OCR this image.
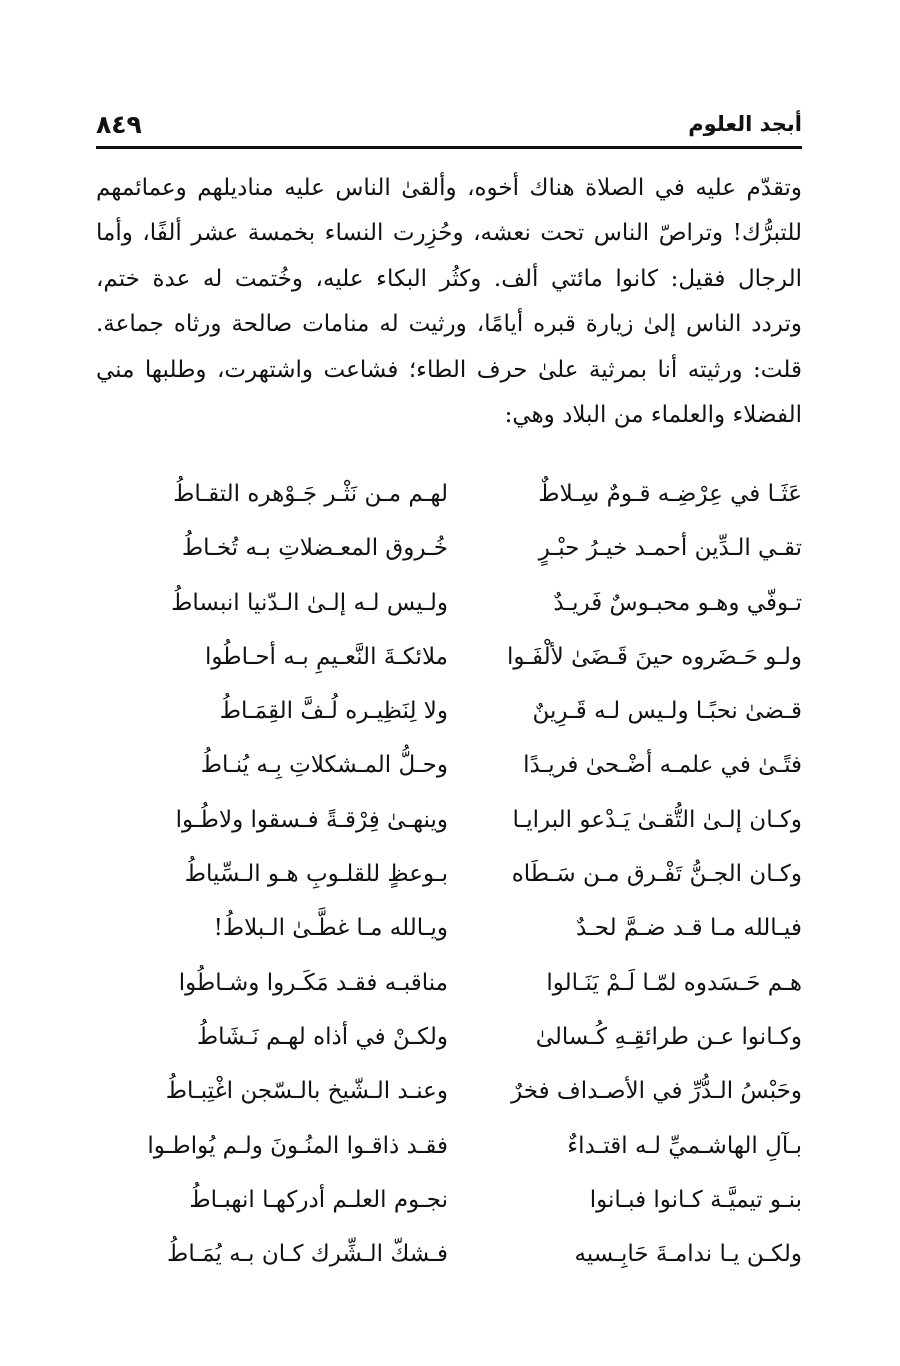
أبجد العلوم
٨٤٩

وتقدّم عليه في الصلاة هناك أخوه، وألقىٰ الناس عليه مناديلهم وعمائمهم
للتبرُّك! وتراصّ الناس تحت نعشه، وحُزِرت النساء بخمسة عشر ألفًا، وأما
الرجال فقيل: كانوا مائتي ألف. وكثُر البكاء عليه، وخُتمت له عدة ختم،
وتردد الناس إلىٰ زيارة قبره أيامًا، ورثيت له منامات صالحة ورثاه جماعة.
قلت: ورثيته أنا بمرثية علىٰ حرف الطاء؛ فشاعت واشتهرت، وطلبها مني
الفضلاء والعلماء من البلاد وهي:

عَثَـا في عِرْضِـه قـومٌ سِـلاطٌ
لهـم مـن نَثْـر جَـوْهره التقـاطُ
تقـي الـدِّين أحمـد خيـرُ حبْـرٍ
خُـروق المعـضلاتِ بـه تُخـاطُ
تـوفّي وهـو محبـوسٌ فَريـدٌ
ولـيس لـه إلـىٰ الـدّنيا انبساطُ
ولـو حَـضَروه حينَ قَـضَىٰ لألْفَـوا
ملائكـةَ النَّعـيمِ بـه أحـاطُوا
قـضىٰ نحبًـا ولـيس لـه قَـرِينٌ
ولا لِنَظِيـره لُـفَّ القِمَـاطُ
فتًـىٰ في علمـه أضْـحىٰ فريـدًا
وحـلُّ المـشكلاتِ بِـه يُنـاطُ
وكـان إلـىٰ التُّقـىٰ يَـدْعو البرايـا
وينهـىٰ فِرْقـةً فـسقوا ولاطُـوا
وكـان الجـنُّ تَفْـرق مـن سَـطَاه
بـوعظٍ للقلـوبِ هـو الـسِّياطُ
فيـالله مـا قـد ضـمَّ لحـدٌ
ويـالله مـا غطَّـىٰ الـبلاطُ!
هـم حَـسَدوه لمّـا لَـمْ يَنَـالوا
مناقبـه فقـد مَكَـروا وشـاطُوا
وكـانوا عـن طرائقِـهِ كُـسالىٰ
ولكـنْ في أذاه لهـم نَـشَاطُ
وحَبْسُ الـدُّرِّ في الأصـداف فخرٌ
وعنـد الـشّيخ بالـسّجن اغْتِبـاطُ
بـآلِ الهاشـميِّ لـه اقتـداءٌ
فقـد ذاقـوا المنُـونَ ولـم يُواطـوا
بنـو تيميَّـة كـانوا فبـانوا
نجـوم العلـم أدركهـا انهبـاطُ
ولكـن يـا ندامـةَ حَابِـسيه
فـشكّ الـشِّرك كـان بـه يُمَـاطُ
